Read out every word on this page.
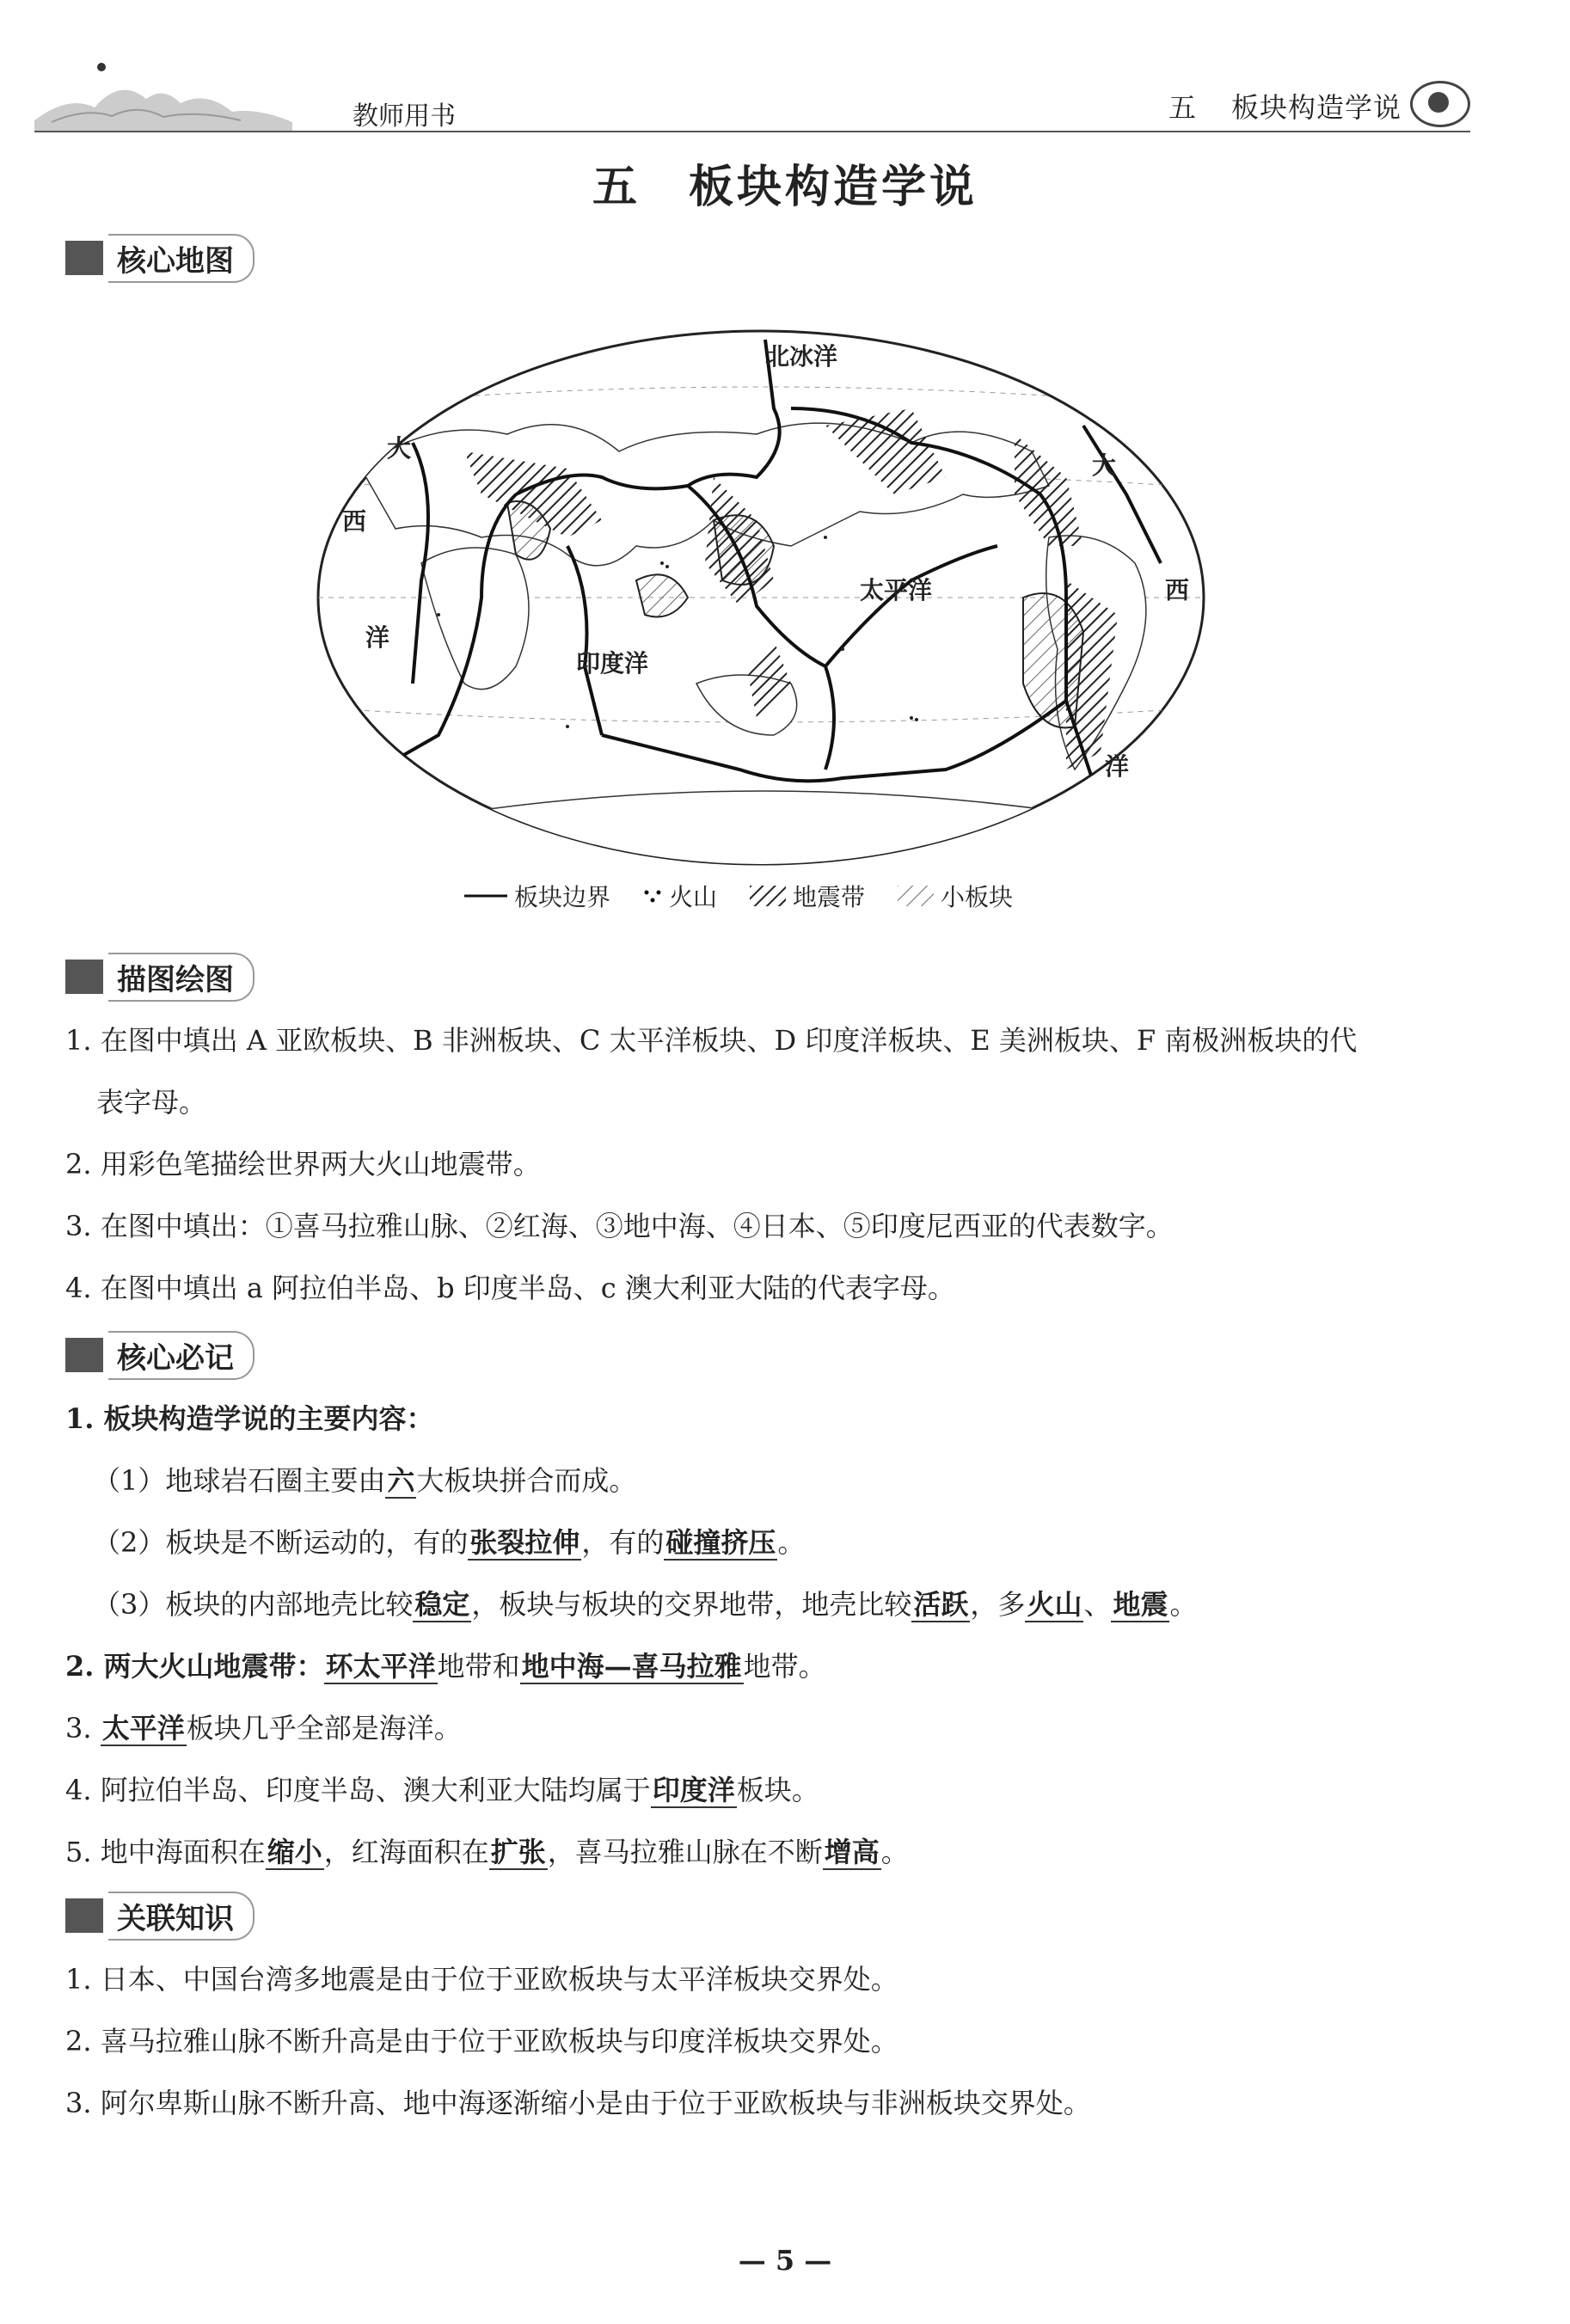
教师用书	五 板块构造学说
五　板块构造学说
核心地图
北冰洋
太平洋
印度洋
大
西
洋
大
西
洋
板块边界 火山	地震带	小板块
描图绘图
1. 在图中填出 A 亚欧板块、B 非洲板块、C 太平洋板块、D 印度洋板块、E 美洲板块、F 南极洲板块的代
表字母。
2. 用彩色笔描绘世界两大火山地震带。
3. 在图中填出：①喜马拉雅山脉、②红海、③地中海、④日本、⑤印度尼西亚的代表数字。
4. 在图中填出 a 阿拉伯半岛、b 印度半岛、c 澳大利亚大陆的代表字母。
核心必记
1. 板块构造学说的主要内容：
（1）地球岩石圈主要由六大板块拼合而成。
（2）板块是不断运动的，有的张裂拉伸，有的碰撞挤压。
（3）板块的内部地壳比较稳定，板块与板块的交界地带，地壳比较活跃，多火山、地震。
2. 两大火山地震带：环太平洋地带和地中海—喜马拉雅地带。
3. 太平洋板块几乎全部是海洋。
4. 阿拉伯半岛、印度半岛、澳大利亚大陆均属于印度洋板块。
5. 地中海面积在缩小，红海面积在扩张，喜马拉雅山脉在不断增高。
关联知识
1. 日本、中国台湾多地震是由于位于亚欧板块与太平洋板块交界处。
2. 喜马拉雅山脉不断升高是由于位于亚欧板块与印度洋板块交界处。
3. 阿尔卑斯山脉不断升高、地中海逐渐缩小是由于位于亚欧板块与非洲板块交界处。
— 5 —
